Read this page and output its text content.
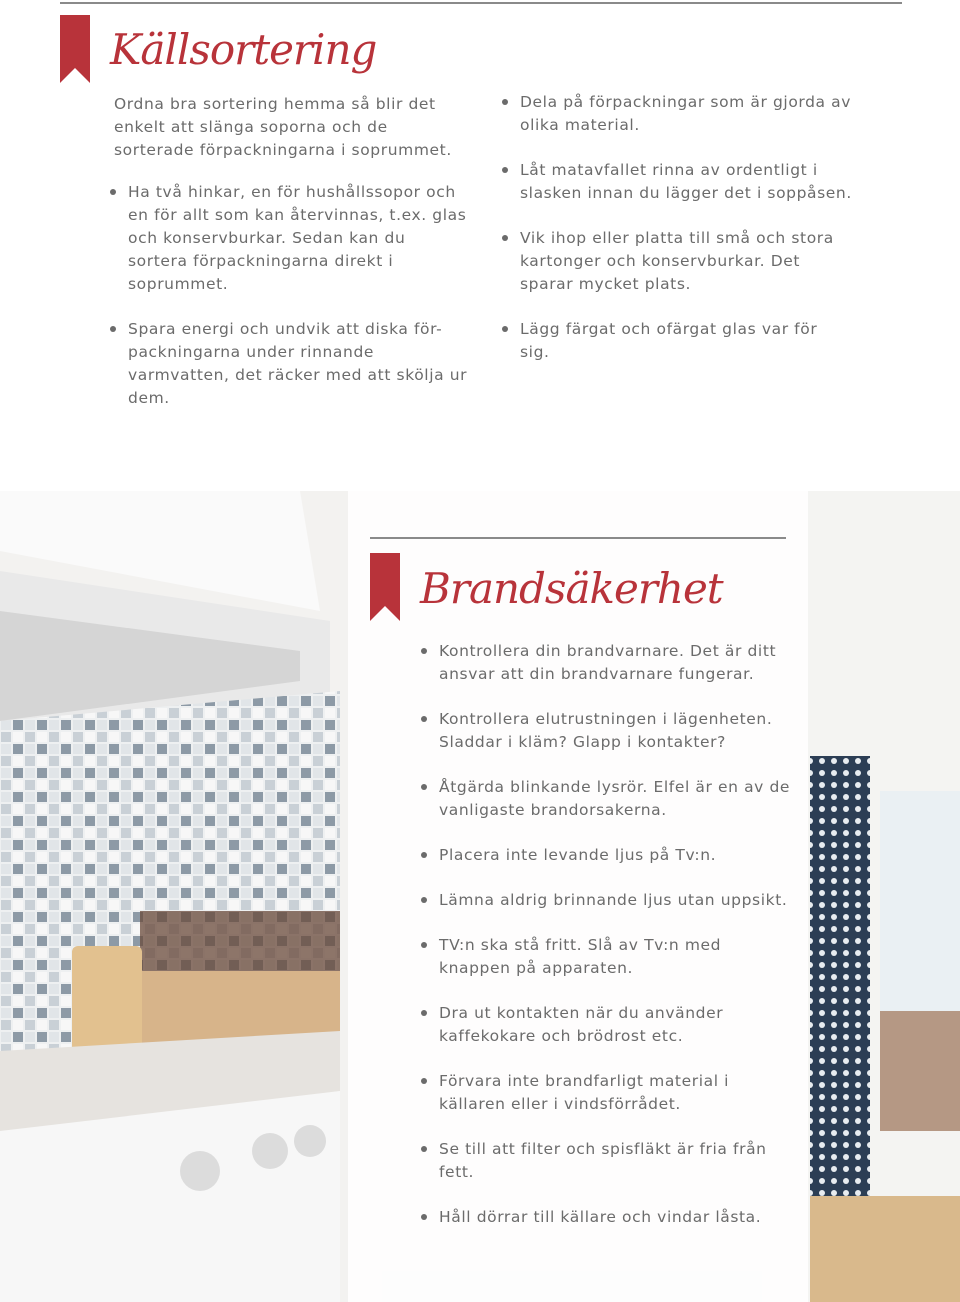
Källsortering

Ordna bra sortering hemma så blir det enkelt att slänga soporna och de sorterade förpackningarna i soprummet.

Ha två hinkar, en för hushållssopor och en för allt som kan återvinnas, t.ex. glas och konservburkar. Sedan kan du sortera förpackningarna direkt i soprummet.
Spara energi och undvik att diska för-packningarna under rinnande varmvatten, det räcker med att skölja ur dem.
Dela på förpackningar som är gjorda av olika material.
Låt matavfallet rinna av ordentligt i slasken innan du lägger det i soppåsen.
Vik ihop eller platta till små och stora kartonger och konservburkar. Det sparar mycket plats.
Lägg färgat och ofärgat glas var för sig.
Brandsäkerhet
Kontrollera din brandvarnare. Det är ditt ansvar att din brandvarnare fungerar.
Kontrollera elutrustningen i lägenheten. Sladdar i kläm? Glapp i kontakter?
Åtgärda blinkande lysrör. Elfel är en av de vanligaste brandorsakerna.
Placera inte levande ljus på Tv:n.
Lämna aldrig brinnande ljus utan uppsikt.
TV:n ska stå fritt. Slå av Tv:n med knappen på apparaten.
Dra ut kontakten när du använder kaffekokare och brödrost etc.
Förvara inte brandfarligt material i källaren eller i vindsförrådet.
Se till att filter och spisfläkt är fria från fett.
Håll dörrar till källare och vindar låsta.
